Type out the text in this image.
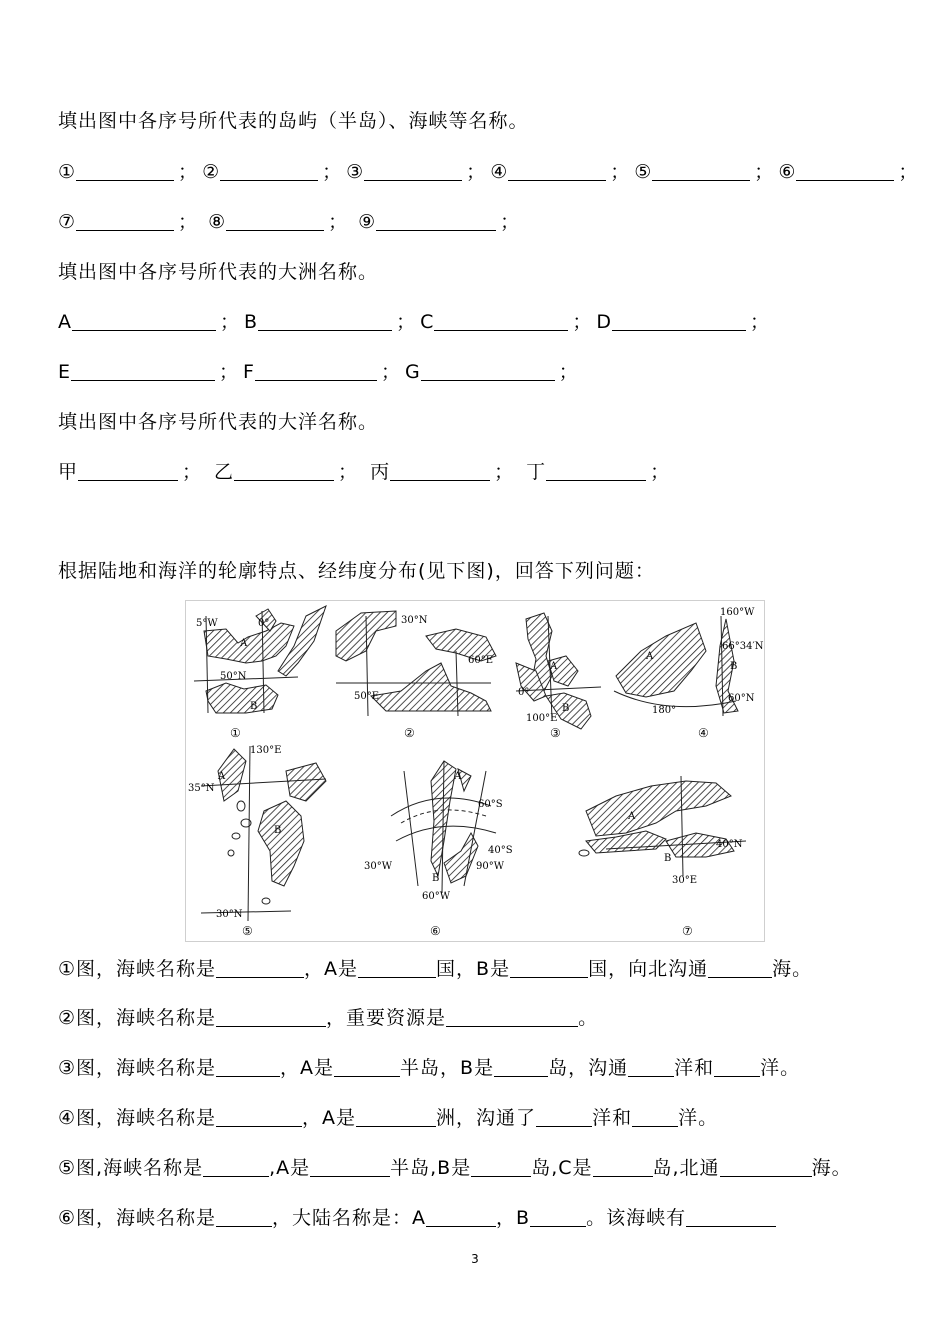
填出图中各序号所代表的岛屿（半岛）、海峡等名称。
①	； ②	； ③	； ④	； ⑤	； ⑥	；
⑦	； ⑧	； ⑨	；
填出图中各序号所代表的大洲名称。
A	； B	； C	； D	；
E	； F	； G	；
填出图中各序号所代表的大洋名称。
甲	； 乙	； 丙	； 丁	；
根据陆地和海洋的轮廓特点、经纬度分布(见下图)，回答下列问题：
5°W	0°
A
50°N
B
①
30°N
60°E
50°E
②
A
0°
B
100°E
③
160°W
66°34′N
A
B
60°N
180°
④
130°E
A
35°N
B
30°N
⑤
A
60°S
40°S
B
30°W	90°W
60°W
⑥
A
B
40°N
30°E
⑦
①图，海峡名称是	，A是	国，B是	国，向北沟通	海。
②图，海峡名称是	，重要资源是	。
③图，海峡名称是	，A是	半岛，B是	岛，沟通 洋和 洋。
④图，海峡名称是	，A是	洲，沟通了	洋和 洋。
⑤图,海峡名称是	,A是	半岛,B是	岛,C是	岛,北通	海。
⑥图，海峡名称是	，大陆名称是：A	，B	。该海峡有
3
